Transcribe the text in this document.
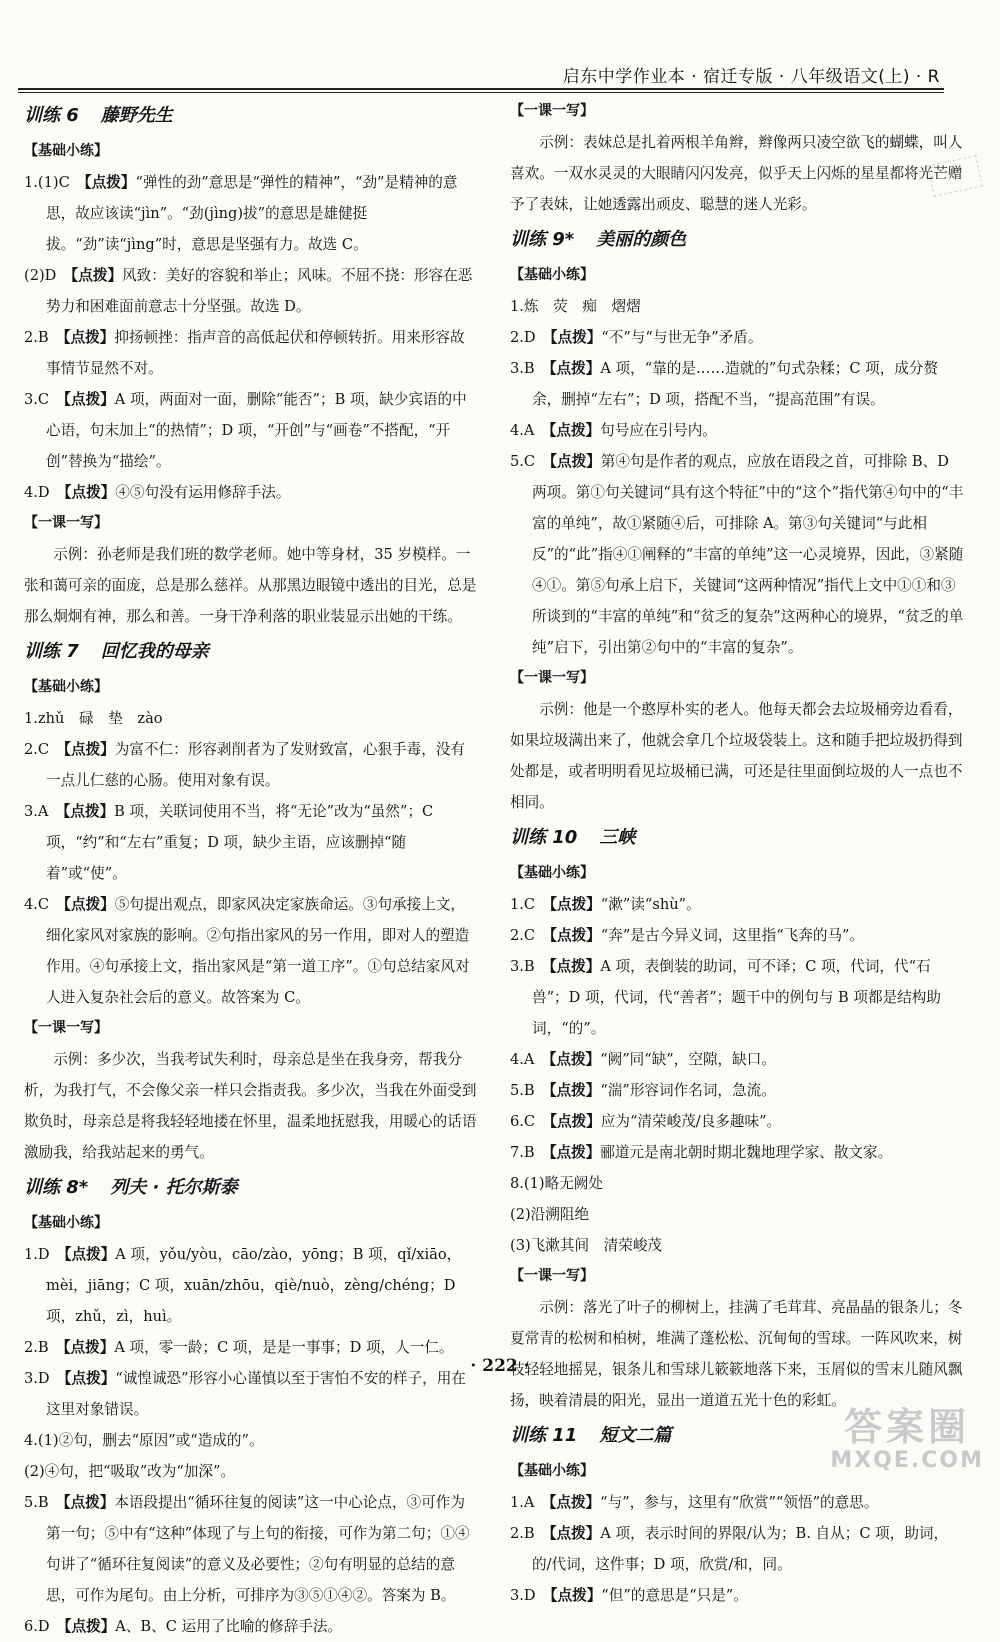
启东中学作业本 · 宿迁专版 · 八年级语文(上) · R
训练 6 藤野先生
【基础小练】

1.(1)C　【点拨】“弹性的劲”意思是“弹性的精神”，“劲”是精神的意思，故应该读“jìn”。“劲(jìng)拔”的意思是雄健挺拔。“劲”读“jìng”时，意思是坚强有力。故选 C。

(2)D　【点拨】风致：美好的容貌和举止；风味。不屈不挠：形容在恶势力和困难面前意志十分坚强。故选 D。

2.B　【点拨】抑扬顿挫：指声音的高低起伏和停顿转折。用来形容故事情节显然不对。

3.C　【点拨】A 项，两面对一面，删除“能否”；B 项，缺少宾语的中心语，句末加上“的热情”；D 项，“开创”与“画卷”不搭配，“开创”替换为“描绘”。

4.D　【点拨】④⑤句没有运用修辞手法。

【一课一写】

示例：孙老师是我们班的数学老师。她中等身材，35 岁模样。一张和蔼可亲的面庞，总是那么慈祥。从那黑边眼镜中透出的目光，总是那么炯炯有神，那么和善。一身干净利落的职业装显示出她的干练。

训练 7 回忆我的母亲
【基础小练】

1.zhǔ　碌　垫　zào

2.C　【点拨】为富不仁：形容剥削者为了发财致富，心狠手毒，没有一点儿仁慈的心肠。使用对象有误。

3.A　【点拨】B 项，关联词使用不当，将“无论”改为“虽然”；C 项，“约”和“左右”重复；D 项，缺少主语，应该删掉“随着”或“使”。

4.C　【点拨】⑤句提出观点，即家风决定家族命运。③句承接上文，细化家风对家族的影响。②句指出家风的另一作用，即对人的塑造作用。④句承接上文，指出家风是“第一道工序”。①句总结家风对人进入复杂社会后的意义。故答案为 C。

【一课一写】

示例：多少次，当我考试失利时，母亲总是坐在我身旁，帮我分析，为我打气，不会像父亲一样只会指责我。多少次，当我在外面受到欺负时，母亲总是将我轻轻地搂在怀里，温柔地抚慰我，用暖心的话语激励我，给我站起来的勇气。

训练 8* 列夫 · 托尔斯泰
【基础小练】

1.D　【点拨】A 项，yǒu/yòu，cāo/zào，yōng；B 项，qǐ/xiāo，mèi，jiāng；C 项，xuān/zhōu，qiè/nuò，zèng/chéng；D 项，zhǔ，zì，huì。

2.B　【点拨】A 项，零一龄；C 项，是是一事事；D 项，人一仁。

3.D　【点拨】“诚惶诚恐”形容小心谨慎以至于害怕不安的样子，用在这里对象错误。

4.(1)②句，删去“原因”或“造成的”。

(2)④句，把“吸取”改为“加深”。

5.B　【点拨】本语段提出“循环往复的阅读”这一中心论点，③可作为第一句；⑤中有“这种”体现了与上句的衔接，可作为第二句；①④句讲了“循环往复阅读”的意义及必要性；②句有明显的总结的意思，可作为尾句。由上分析，可排序为③⑤①④②。答案为 B。

6.D　【点拨】A、B、C 运用了比喻的修辞手法。

【一课一写】

示例：表妹总是扎着两根羊角辫，辫像两只凌空欲飞的蝴蝶，叫人喜欢。一双水灵灵的大眼睛闪闪发亮，似乎天上闪烁的星星都将光芒赠予了表妹，让她透露出顽皮、聪慧的迷人光彩。

训练 9* 美丽的颜色
【基础小练】

1.炼　荧　痴　熠熠

2.D　【点拨】“不”与“与世无争”矛盾。

3.B　【点拨】A 项，“靠的是……造就的”句式杂糅；C 项，成分赘余，删掉“左右”；D 项，搭配不当，“提高范围”有误。

4.A　【点拨】句号应在引号内。

5.C　【点拨】第④句是作者的观点，应放在语段之首，可排除 B、D 两项。第①句关键词“具有这个特征”中的“这个”指代第④句中的“丰富的单纯”，故①紧随④后，可排除 A。第③句关键词“与此相反”的“此”指④①阐释的“丰富的单纯”这一心灵境界，因此，③紧随④①。第⑤句承上启下，关键词“这两种情况”指代上文中①①和③所谈到的“丰富的单纯”和“贫乏的复杂”这两种心的境界，“贫乏的单纯”启下，引出第②句中的“丰富的复杂”。

【一课一写】

示例：他是一个憨厚朴实的老人。他每天都会去垃圾桶旁边看看，如果垃圾满出来了，他就会拿几个垃圾袋装上。这和随手把垃圾扔得到处都是，或者明明看见垃圾桶已满，可还是往里面倒垃圾的人一点也不相同。

训练 10 三峡
【基础小练】

1.C　【点拨】“漱”读“shù”。

2.C　【点拨】“奔”是古今异义词，这里指“飞奔的马”。

3.B　【点拨】A 项，表倒装的助词，可不译；C 项，代词，代“石兽”；D 项，代词，代“善者”；题干中的例句与 B 项都是结构助词，“的”。

4.A　【点拨】“阙”同“缺”，空隙，缺口。

5.B　【点拨】“湍”形容词作名词，急流。

6.C　【点拨】应为“清荣峻茂/良多趣味”。

7.B　【点拨】郦道元是南北朝时期北魏地理学家、散文家。

8.(1)略无阙处

(2)沿溯阻绝

(3)飞漱其间　清荣峻茂

【一课一写】

示例：落光了叶子的柳树上，挂满了毛茸茸、亮晶晶的银条儿；冬夏常青的松树和柏树，堆满了蓬松松、沉甸甸的雪球。一阵风吹来，树枝轻轻地摇晃，银条儿和雪球儿簌簌地落下来，玉屑似的雪末儿随风飘扬，映着清晨的阳光，显出一道道五光十色的彩虹。

训练 11 短文二篇
【基础小练】

1.A　【点拨】“与”，参与，这里有“欣赏”“领悟”的意思。

2.B　【点拨】A 项，表示时间的界限/认为；B. 自从；C 项，助词，的/代词，这件事；D 项，欣赏/和，同。

3.D　【点拨】“但”的意思是“只是”。

· 222 ·
答案圈
MXQE.COM
